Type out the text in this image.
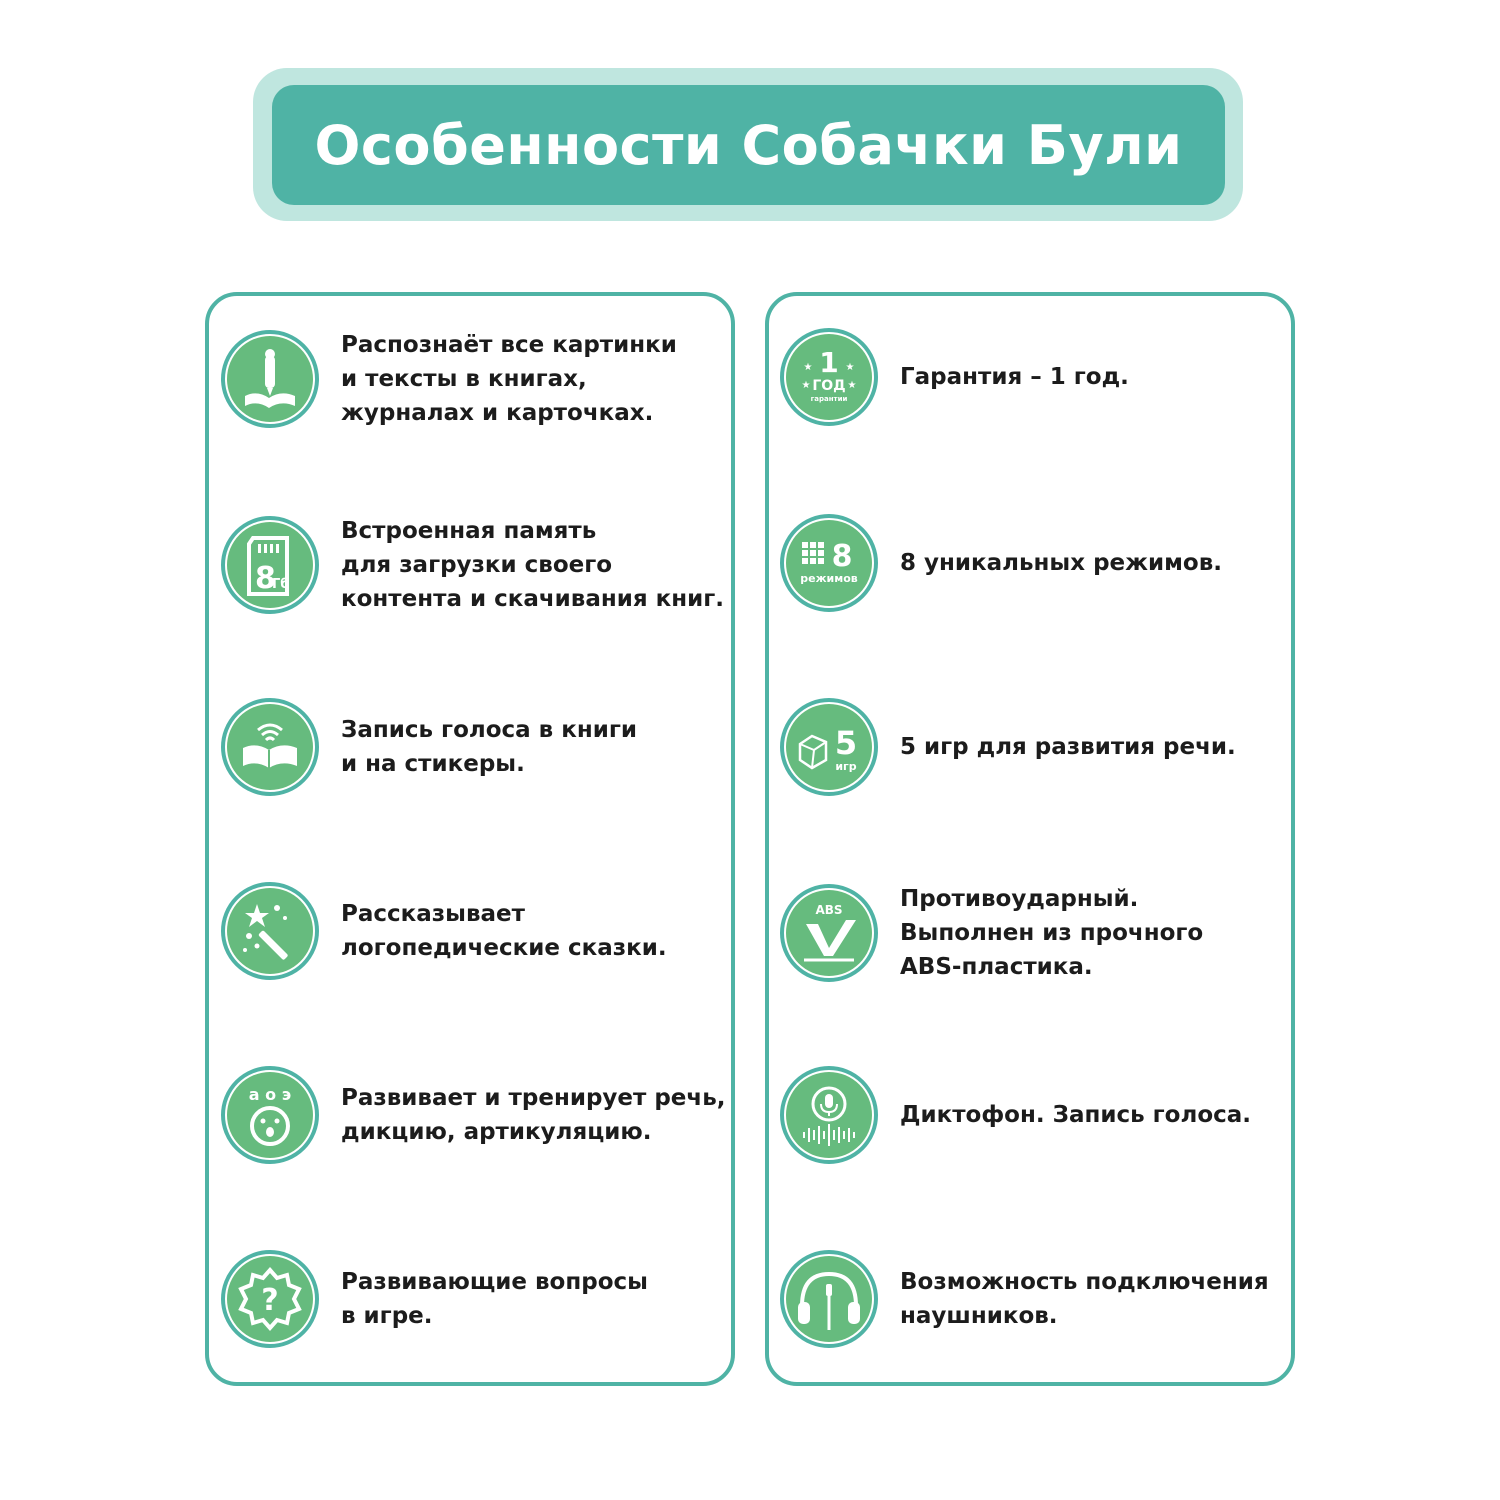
Особенности Собачки Були
Распознаёт все картинки
и тексты в книгах,
журналах и карточках.
8
Гб
Встроенная память
для загрузки своего
контента и скачивания книг.
Запись голоса в книги
и на стикеры.
Рассказывает
логопедические сказки.
а о э Развивает и тренирует речь,
дикцию, артикуляцию.
?
Развивающие вопросы
в игре.
1
ГОД
гарантии
★	★
★	★ Гарантия – 1 год.
8
режимов
8 уникальных режимов.
5
игр
5 игр для развития речи.
ABS Противоударный.
Выполнен из прочного
ABS-пластика.
Диктофон. Запись голоса.
Возможность подключения
наушников.
